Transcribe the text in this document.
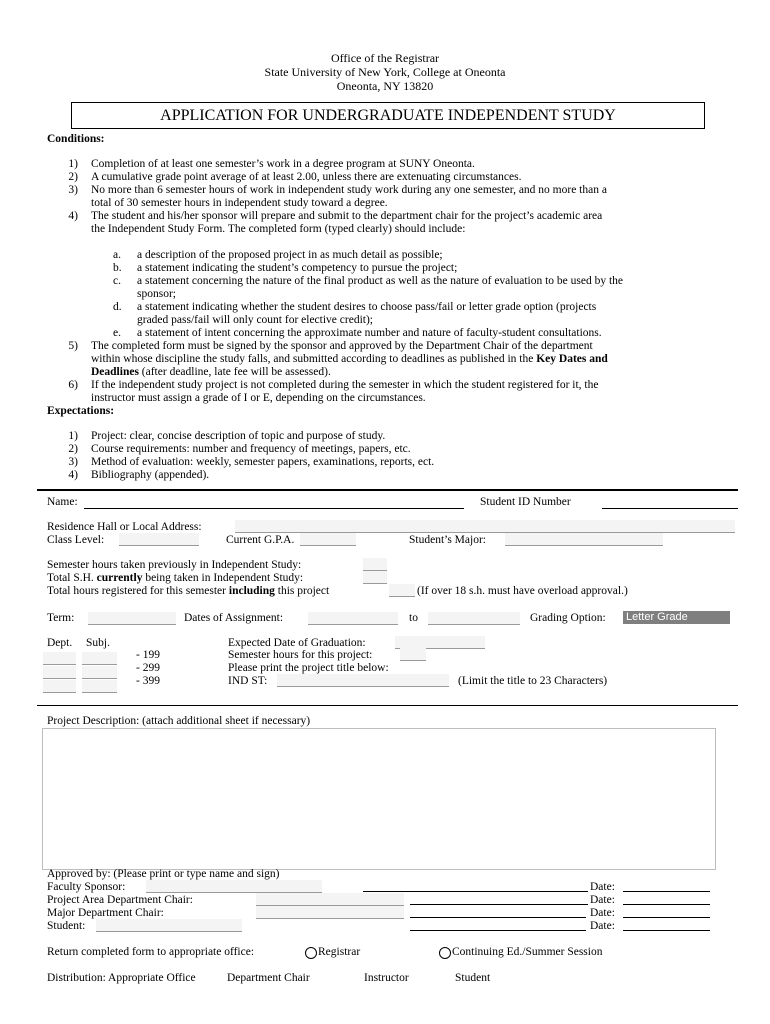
Office of the Registrar
State University of New York, College at Oneonta
Oneonta, NY 13820
APPLICATION FOR UNDERGRADUATE INDEPENDENT STUDY
Conditions:
1) Completion of at least one semester’s work in a degree program at SUNY Oneonta.
2) A cumulative grade point average of at least 2.00, unless there are extenuating circumstances.
3) No more than 6 semester hours of work in independent study work during any one semester, and no more than a
total of 30 semester hours in independent study toward a degree.
4) The student and his/her sponsor will prepare and submit to the department chair for the project’s academic area
the Independent Study Form. The completed form (typed clearly) should include:
a. a description of the proposed project in as much detail as possible;
b. a statement indicating the student’s competency to pursue the project;
c. a statement concerning the nature of the final product as well as the nature of evaluation to be used by the
sponsor;
d. a statement indicating whether the student desires to choose pass/fail or letter grade option (projects
graded pass/fail will only count for elective credit);
e. a statement of intent concerning the approximate number and nature of faculty-student consultations.
5) The completed form must be signed by the sponsor and approved by the Department Chair of the department
within whose discipline the study falls, and submitted according to deadlines as published in the Key Dates and
Deadlines (after deadline, late fee will be assessed).
6) If the independent study project is not completed during the semester in which the student registered for it, the
instructor must assign a grade of I or E, depending on the circumstances.
Expectations:
1) Project: clear, concise description of topic and purpose of study.
2) Course requirements: number and frequency of meetings, papers, etc.
3) Method of evaluation: weekly, semester papers, examinations, reports, ect.
4) Bibliography (appended).
Name:	Student ID Number
Residence Hall or Local Address:
Class Level:	Current G.P.A.	Student’s Major:
Semester hours taken previously in Independent Study:
Total S.H. currently being taken in Independent Study:
Total hours registered for this semester including this project	(If over 18 s.h. must have overload approval.)
Term:	Dates of Assignment:	to	Grading Option: Letter Grade
Dept. Subj.
- 199
- 299
- 399
Expected Date of Graduation:
Semester hours for this project:
Please print the project title below:
IND ST:	(Limit the title to 23 Characters)
Project Description: (attach additional sheet if necessary)
Approved by: (Please print or type name and sign)
Faculty Sponsor:	Date:
Project Area Department Chair:	Date:
Major Department Chair:	Date:
Student:	Date:
Return completed form to appropriate office:	Registrar	Continuing Ed./Summer Session
Distribution: Appropriate Office	Department Chair	Instructor	Student
